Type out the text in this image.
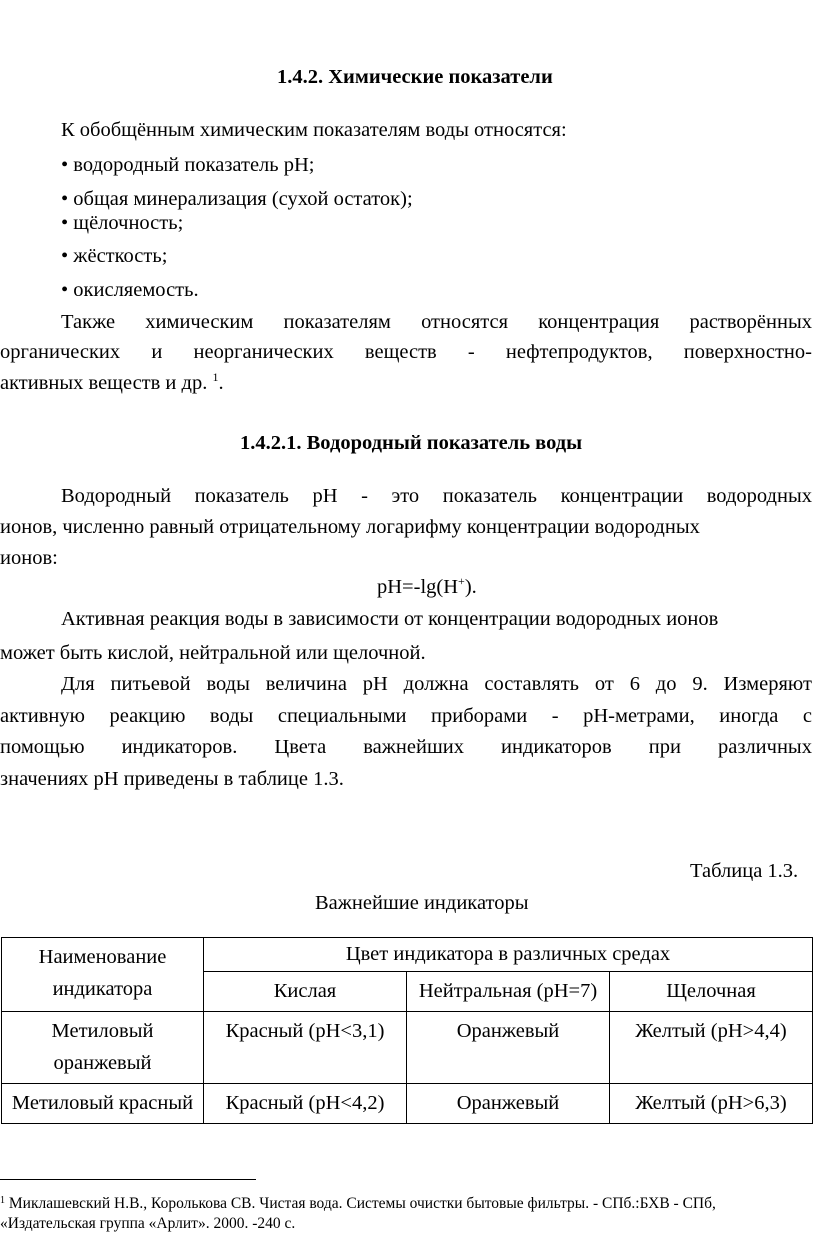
1.4.2. Химические показатели
К обобщённым химическим показателям воды относятся:
• водородный показатель рН;
• общая минерализация (сухой остаток);
• щёлочность;
• жёсткость;
• окисляемость.
Также химическим показателям относятся концентрация растворённых
органических и неорганических веществ - нефтепродуктов, поверхностно-
активных веществ и др. $^1$.
1.4.2.1. Водородный показатель воды
Водородный показатель pH - это показатель концентрации водородных
ионов, численно равный отрицательному логарифму концентрации водородных
ионов:
рН=-lg(H+).
Активная реакция воды в зависимости от концентрации водородных ионов
может быть кислой, нейтральной или щелочной.
Для питьевой воды величина рН должна составлять от 6 до 9. Измеряют
активную реакцию воды специальными приборами - рН-метрами, иногда с
помощью индикаторов. Цвета важнейших индикаторов при различных
значениях рН приведены в таблице 1.3.
Таблица 1.3.
Важнейшие индикаторы
Наименование
индикатора	Цвет индикатора в различных средах		
	Кислая	Нейтральная (рН=7)	Щелочная
Метиловый оранжевый	Красный (рН<3,1)	Оранжевый	Желтый (рН>4,4)
Метиловый красный	Красный (рН<4,2)	Оранжевый	Желтый (рН>6,3)
$^1$ Миклашевский Н.В., Королькова СВ. Чистая вода. Системы очистки бытовые фильтры. - СПб.:БХВ - СПб,
«Издательская группа «Арлит». 2000. -240 с.
